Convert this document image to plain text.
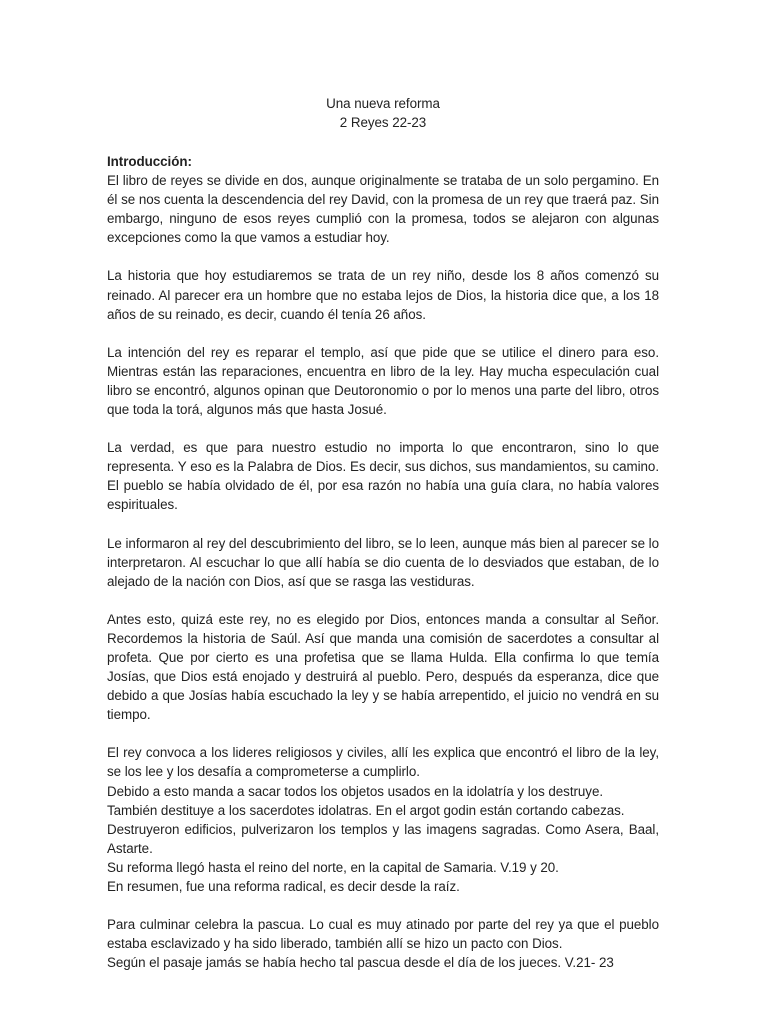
Una nueva reforma
2 Reyes 22-23
Introducción:

El libro de reyes se divide en dos, aunque originalmente se trataba de un solo pergamino. En él se nos cuenta la descendencia del rey David, con la promesa de un rey que traerá paz. Sin embargo, ninguno de esos reyes cumplió con la promesa, todos se alejaron con algunas excepciones como la que vamos a estudiar hoy.

La historia que hoy estudiaremos se trata de un rey niño, desde los 8 años comenzó su reinado. Al parecer era un hombre que no estaba lejos de Dios, la historia dice que, a los 18 años de su reinado, es decir, cuando él tenía 26 años.

La intención del rey es reparar el templo, así que pide que se utilice el dinero para eso. Mientras están las reparaciones, encuentra en libro de la ley. Hay mucha especulación cual libro se encontró, algunos opinan que Deutoronomio o por lo menos una parte del libro, otros que toda la torá, algunos más que hasta Josué.

La verdad, es que para nuestro estudio no importa lo que encontraron, sino lo que representa. Y eso es la Palabra de Dios. Es decir, sus dichos, sus mandamientos, su camino. El pueblo se había olvidado de él, por esa razón no había una guía clara, no había valores espirituales.

Le informaron al rey del descubrimiento del libro, se lo leen, aunque más bien al parecer se lo interpretaron. Al escuchar lo que allí había se dio cuenta de lo desviados que estaban, de lo alejado de la nación con Dios, así que se rasga las vestiduras.

Antes esto, quizá este rey, no es elegido por Dios, entonces manda a consultar al Señor. Recordemos la historia de Saúl. Así que manda una comisión de sacerdotes a consultar al profeta. Que por cierto es una profetisa que se llama Hulda. Ella confirma lo que temía Josías, que Dios está enojado y destruirá al pueblo. Pero, después da esperanza, dice que debido a que Josías había escuchado la ley y se había arrepentido, el juicio no vendrá en su tiempo.

El rey convoca a los lideres religiosos y civiles, allí les explica que encontró el libro de la ley, se los lee y los desafía a comprometerse a cumplirlo.
Debido a esto manda a sacar todos los objetos usados en la idolatría y los destruye.
También destituye a los sacerdotes idolatras. En el argot godin están cortando cabezas.
Destruyeron edificios, pulverizaron los templos y las imagens sagradas. Como Asera, Baal, Astarte.
Su reforma llegó hasta el reino del norte, en la capital de Samaria. V.19 y 20.
En resumen, fue una reforma radical, es decir desde la raíz.
Para culminar celebra la pascua. Lo cual es muy atinado por parte del rey ya que el pueblo estaba esclavizado y ha sido liberado, también allí se hizo un pacto con Dios.
Según el pasaje jamás se había hecho tal pascua desde el día de los jueces. V.21- 23
